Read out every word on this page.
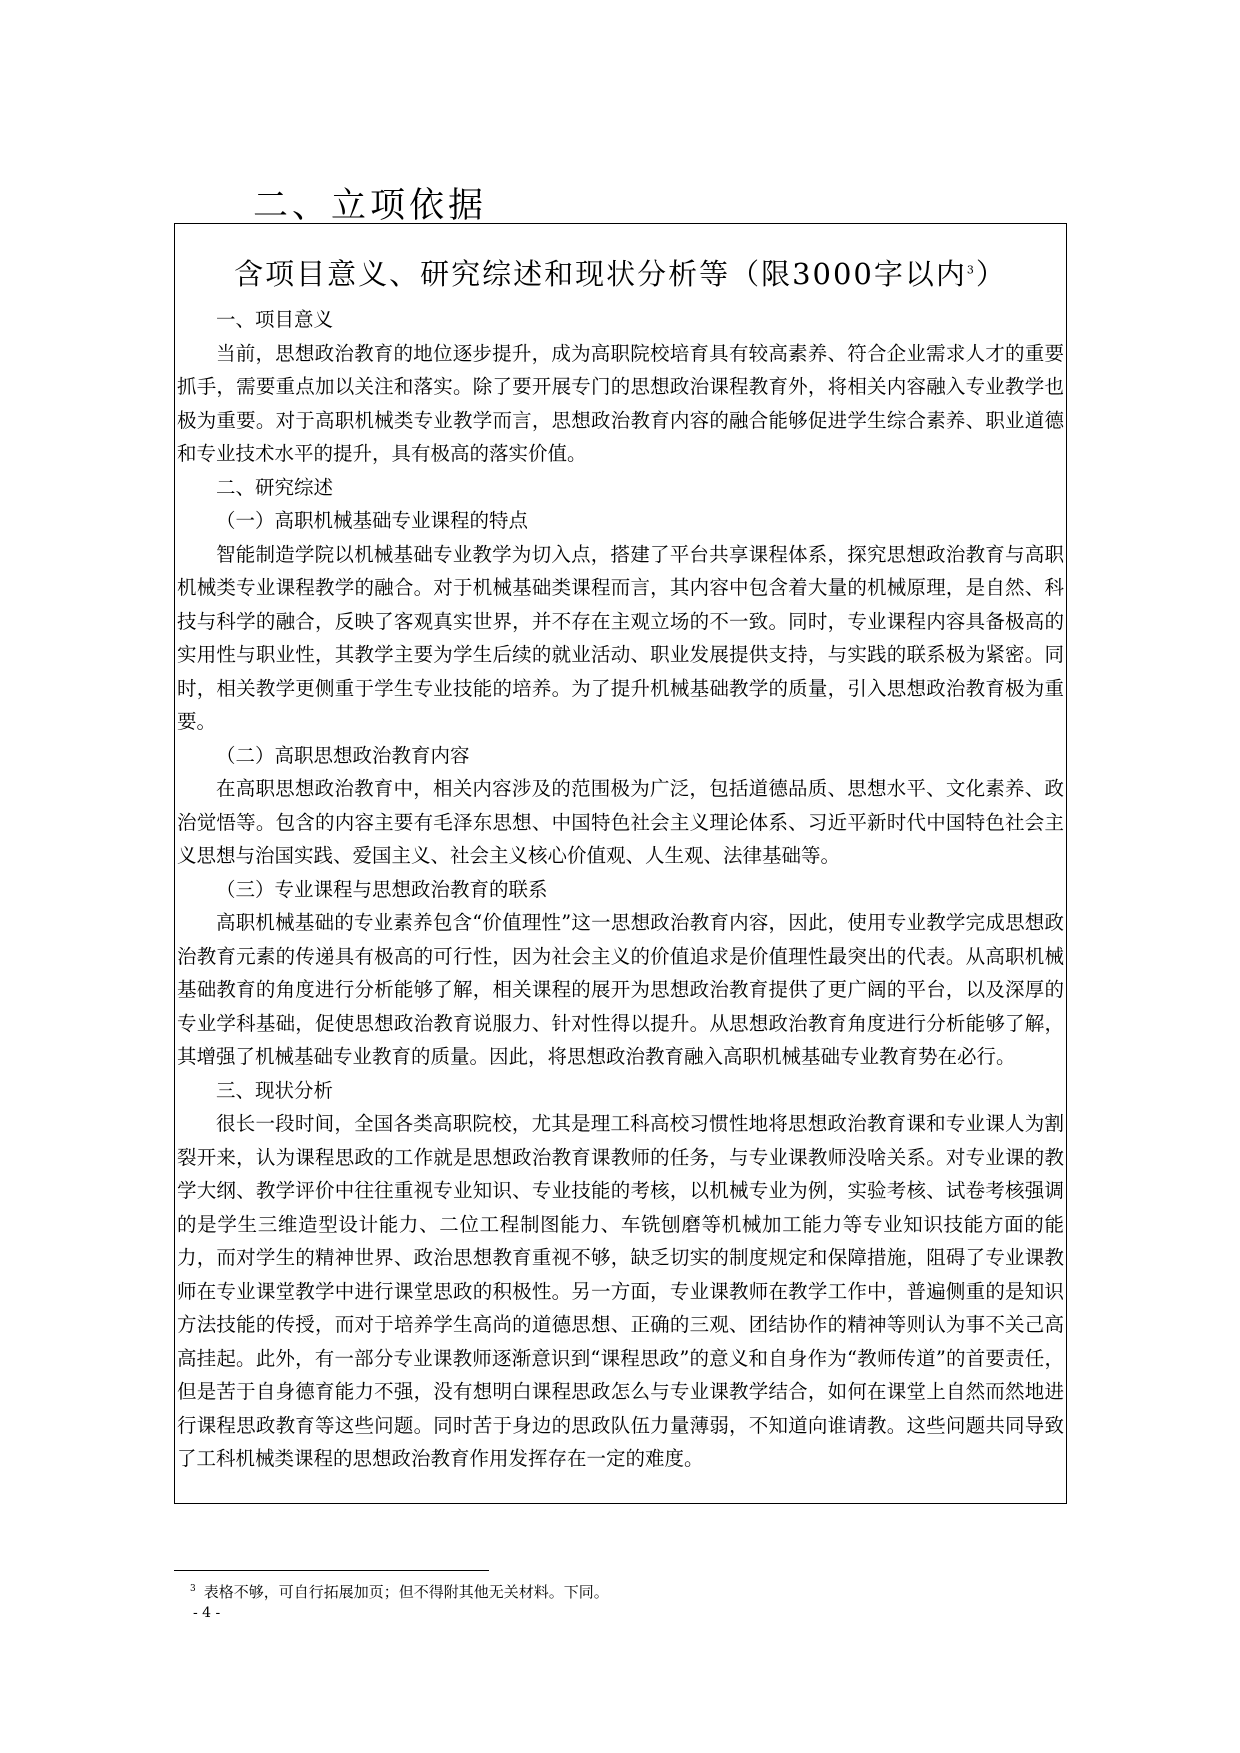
二、立项依据
含项目意义、研究综述和现状分析等（限3000字以内$^3$）

一、项目意义

当前，思想政治教育的地位逐步提升，成为高职院校培育具有较高素养、符合企业需求人才的重要抓手，需要重点加以关注和落实。除了要开展专门的思想政治课程教育外，将相关内容融入专业教学也极为重要。对于高职机械类专业教学而言，思想政治教育内容的融合能够促进学生综合素养、职业道德和专业技术水平的提升，具有极高的落实价值。

二、研究综述

（一）高职机械基础专业课程的特点

智能制造学院以机械基础专业教学为切入点，搭建了平台共享课程体系，探究思想政治教育与高职机械类专业课程教学的融合。对于机械基础类课程而言，其内容中包含着大量的机械原理，是自然、科技与科学的融合，反映了客观真实世界，并不存在主观立场的不一致。同时，专业课程内容具备极高的实用性与职业性，其教学主要为学生后续的就业活动、职业发展提供支持，与实践的联系极为紧密。同时，相关教学更侧重于学生专业技能的培养。为了提升机械基础教学的质量，引入思想政治教育极为重要。

（二）高职思想政治教育内容

在高职思想政治教育中，相关内容涉及的范围极为广泛，包括道德品质、思想水平、文化素养、政治觉悟等。包含的内容主要有毛泽东思想、中国特色社会主义理论体系、习近平新时代中国特色社会主义思想与治国实践、爱国主义、社会主义核心价值观、人生观、法律基础等。

（三）专业课程与思想政治教育的联系

高职机械基础的专业素养包含“价值理性”这一思想政治教育内容，因此，使用专业教学完成思想政治教育元素的传递具有极高的可行性，因为社会主义的价值追求是价值理性最突出的代表。从高职机械基础教育的角度进行分析能够了解，相关课程的展开为思想政治教育提供了更广阔的平台，以及深厚的专业学科基础，促使思想政治教育说服力、针对性得以提升。从思想政治教育角度进行分析能够了解，其增强了机械基础专业教育的质量。因此，将思想政治教育融入高职机械基础专业教育势在必行。

三、现状分析

很长一段时间，全国各类高职院校，尤其是理工科高校习惯性地将思想政治教育课和专业课人为割裂开来，认为课程思政的工作就是思想政治教育课教师的任务，与专业课教师没啥关系。对专业课的教学大纲、教学评价中往往重视专业知识、专业技能的考核，以机械专业为例，实验考核、试卷考核强调的是学生三维造型设计能力、二位工程制图能力、车铣刨磨等机械加工能力等专业知识技能方面的能力，而对学生的精神世界、政治思想教育重视不够，缺乏切实的制度规定和保障措施，阻碍了专业课教师在专业课堂教学中进行课堂思政的积极性。另一方面，专业课教师在教学工作中，普遍侧重的是知识方法技能的传授，而对于培养学生高尚的道德思想、正确的三观、团结协作的精神等则认为事不关己高高挂起。此外，有一部分专业课教师逐渐意识到“课程思政”的意义和自身作为“教师传道”的首要责任，但是苦于自身德育能力不强，没有想明白课程思政怎么与专业课教学结合，如何在课堂上自然而然地进行课程思政教育等这些问题。同时苦于身边的思政队伍力量薄弱，不知道向谁请教。这些问题共同导致了工科机械类课程的思想政治教育作用发挥存在一定的难度。

$^3$ 表格不够，可自行拓展加页；但不得附其他无关材料。下同。
- 4 -
